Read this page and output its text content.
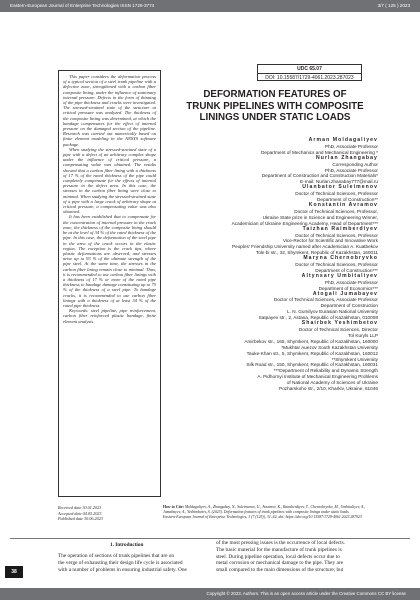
Eastern-European Journal of Enterprise Technologies ISSN 1729-3774	3/7 ( 125 ) 2023

This paper considers the deformation process of a typical section of a steel trunk pipeline with a defective zone, strengthened with a carbon fiber composite lining, under the influence of stationary internal pressure. Defects in the form of thinning of the pipe thickness and cracks were investigated. The stressed-strained state of the structure at critical pressure was analyzed. The thickness of the composite lining was determined, at which the bandage compensates for the effect of internal pressure on the damaged section of the pipeline. Research was carried out numerically based on finite element modeling in the ANSYS software package.

When studying the stressed-strained state of a pipe with a defect of an arbitrary complex shape under the influence of critical pressure, a compensating value was obtained. The results showed that a carbon fiber lining with a thickness of 17 % of the rated thickness of the pipe could completely compensate for the effects of internal pressure in the defect area. In this case, the stresses in the carbon fiber lining were close to minimal. When studying the stressed-strained state of a pipe with a large crack of arbitrary shape at critical pressure, a compensating value was also obtained.

It has been established that to compensate for the concentration of internal pressure in the crack zone, the thickness of the composite lining should be at the level of 34 % of the rated thickness of the pipe. In this case, the deformation of the steel pipe in the area of the crack occurs in the elastic region. The exception is the crack tips, where plastic deformations are observed, and stresses arise up to 93 % of the ultimate strength of the pipe steel. At the same time, the stresses in the carbon fiber lining remain close to minimal. Thus, it is recommended to use carbon fiber linings with a thickness of 17 % or more of the rated pipe thickness to bandage damage constituting up to 75 % of the thickness of a steel pipe. To bandage cracks, it is recommended to use carbon fiber linings with a thickness of at least 34 % of the rated pipe thickness

Keywords: steel pipeline, pipe reinforcement, carbon fiber reinforced plastic bandage, finite element analysis

Received date 30.01.2023
Accepted date 04.05.2023
Published date 30.06.2023
UDC 65.07
DOI: 10.15587/1729-4061.2023.287023
DEFORMATION FEATURES OF
TRUNK PIPELINES WITH COMPOSITE
LININGS UNDER STATIC LOADS
Arman Moldagaliyev
PhD, Associate Professor
Department of Mechanics and Mechanical Engineering *
Nurlan Zhangabay
Corresponding Author
PhD, Associate Professor
Department of Construction and Construction Materials*
E-mail: Nurlan.zhanabay777@mail.ru
Ulanbator Suleimenov
Doctor of Technical Sciences, Professor
Department of Construction**
Konstantin Avramov
Doctor of Technical Sciences, Professor,
Ukraine State prize in Science and Engineering Winner,
Academician of Ukraine Engineering Academy, Head of Department***
Taizhan Raimberdiyev
Doctor of Technical Sciences, Professor
Vice-Rector for Scientific and Innovative Work
Peoples' Friendship University named after Academician A. Kuatbekov
Tole bi str., 32, Shymkent, Republic of Kazakhstan, 160011
Maryna Chernobryvko
Doctor of Technical Sciences, Professor
Department of Construction***
Altynsary Umbitaliyev
PhD, Associate Professor
Department of Economics***
Atogali Jumabayev
Doctor of Technical Sciences, Associate Professor
Department of Construction
L. N. Gumilyov Eurasian National University
Satpayev str., 2, Astana, Republic of Kazakhstan, 010008
Shairbek Yeshimbetov
Doctor of Technical Sciences, Director
Tol Kuryls LLP
Amirbekov str., 165, Shymkent, Republic of Kazakhstan, 160000
*Mukhtar Auezov South Kazakhstan University
Tauke-Khan str., 5, Shymkent, Republic of Kazakhstan, 160012
**Shymkent University
Silk Road str., 150, Shymkent, Republic of Kazakhstan, 160031
***Department of Reliability and Dynamic Strength
A. Pidhornyi Institute of Mechanical Engineering Problems
of National Academy of Sciences of Ukraine
Pozharskoho str., 2/10, Kharkiv, Ukraine, 61046
How to Cite: Moldagaliyev, A., Zhangabay, N., Suleimenov, U., Avramov, K., Raimberdiyev, T., Chernobryvko, M., Umbitaliyev, A.,
Jumabayev, A., Yeshimbetov, S. (2023). Deformation features of trunk pipelines with composite linings under static loads.
Eastern-European Journal of Enterprise Technologies, 3 (7 (125)), 31–42. doi: https://doi.org/10.15587/1729-4061.2023.287023
1. Introduction
The operation of sections of trunk pipelines that are on
the verge of exhausting their design life cycle is associated
with a number of problems in ensuring industrial safety. One
of the most pressing issues is the occurrence of local defects.
The basic material for the manufacture of trunk pipelines is
steel. During pipeline operation, local defects occur due to
metal corrosion or mechanical damage to the pipe. They are
small compared to the main dimensions of the structure; but
38
Copyright © 2023, Authors. This is an open access article under the Creative Commons CC BY license
